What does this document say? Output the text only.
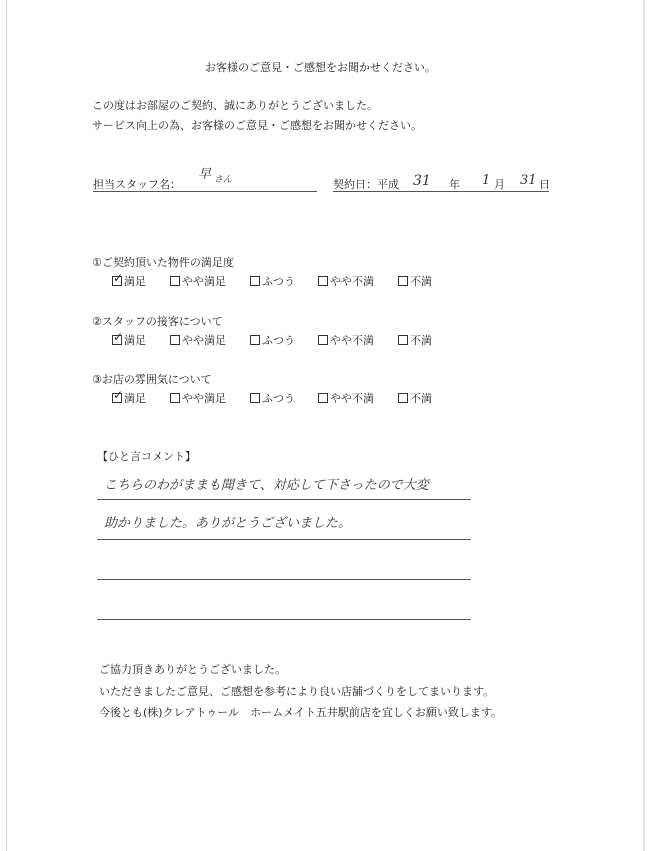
お客様のご意見・ご感想をお聞かせください。
この度はお部屋のご契約、誠にありがとうございました。
サービス向上の為、お客様のご意見・ご感想をお聞かせください。
担当スタッフ名：
早 さん	契約日：平成 31 年 1 月 31 日
①ご契約頂いた物件の満足度
✓満足	やや満足	ふつう	やや不満	不満
②スタッフの接客について
✓満足	やや満足	ふつう	やや不満	不満
③お店の雰囲気について
✓満足	やや満足	ふつう	やや不満	不満
【ひと言コメント】
こちらのわがままも聞きて、対応して下さったので大変
助かりました。ありがとうございました。
ご協力頂きありがとうございました。
いただきましたご意見、ご感想を参考により良い店舗づくりをしてまいります。
今後とも(株)クレアトゥール　ホームメイト五井駅前店を宜しくお願い致します。
